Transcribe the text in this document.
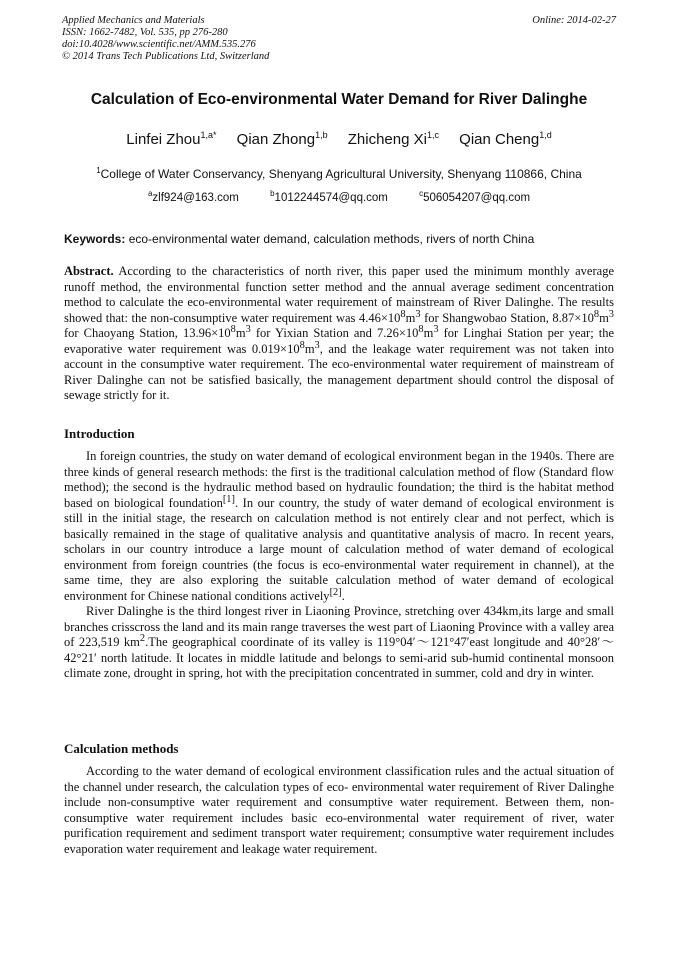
Applied Mechanics and Materials
ISSN: 1662-7482, Vol. 535, pp 276-280
doi:10.4028/www.scientific.net/AMM.535.276
© 2014 Trans Tech Publications Ltd, Switzerland
Online: 2014-02-27
Calculation of Eco-environmental Water Demand for River Dalinghe
Linfei Zhou$^{1,a*}$ Qian Zhong$^{1,b}$ Zhicheng Xi$^{1,c}$ Qian Cheng$^{1,d}$
$^1$College of Water Conservancy, Shenyang Agricultural University, Shenyang 110866, China
$^a$zlf924@163.com	$^b$1012244574@qq.com	$^c$506054207@qq.com
Keywords: eco-environmental water demand, calculation methods, rivers of north China

Abstract. According to the characteristics of north river, this paper used the minimum monthly average runoff method, the environmental function setter method and the annual average sediment concentration method to calculate the eco-environmental water requirement of mainstream of River Dalinghe. The results showed that: the non-consumptive water requirement was $4.46\times 10^8m^3$ for Shangwobao Station, $8.87\times 10^8m^3$ for Chaoyang Station, $13.96\times 10^8m^3$ for Yixian Station and $7.26\times 10^8m^3$ for Linghai Station per year; the evaporative water requirement was $0.019\times 10^8m^3$, and the leakage water requirement was not taken into account in the consumptive water requirement. The eco-environmental water requirement of mainstream of River Dalinghe can not be satisfied basically, the management department should control the disposal of sewage strictly for it.

Introduction

In foreign countries, the study on water demand of ecological environment began in the 1940s. There are three kinds of general research methods: the first is the traditional calculation method of flow (Standard flow method); the second is the hydraulic method based on hydraulic foundation; the third is the habitat method based on biological foundation[1]. In our country, the study of water demand of ecological environment is still in the initial stage, the research on calculation method is not entirely clear and not perfect, which is basically remained in the stage of qualitative analysis and quantitative analysis of macro. In recent years, scholars in our country introduce a large mount of calculation method of water demand of ecological environment from foreign countries (the focus is eco-environmental water requirement in channel), at the same time, they are also exploring the suitable calculation method of water demand of ecological environment for Chinese national conditions actively[2].

River Dalinghe is the third longest river in Liaoning Province, stretching over 434km,its large and small branches crisscross the land and its main range traverses the west part of Liaoning Province with a valley area of 223,519 $km^2.The$ geographical coordinate of its valley is 119°04′～121°47′east longitude and 40°28′～42°21′ north latitude. It locates in middle latitude and belongs to semi-arid sub-humid continental monsoon climate zone, drought in spring, hot with the precipitation concentrated in summer, cold and dry in winter.

Calculation methods

According to the water demand of ecological environment classification rules and the actual situation of the channel under research, the calculation types of eco- environmental water requirement of River Dalinghe include non-consumptive water requirement and consumptive water requirement. Between them, non-consumptive water requirement includes basic eco-environmental water requirement of river, water purification requirement and sediment transport water requirement; consumptive water requirement includes evaporation water requirement and leakage water requirement.
